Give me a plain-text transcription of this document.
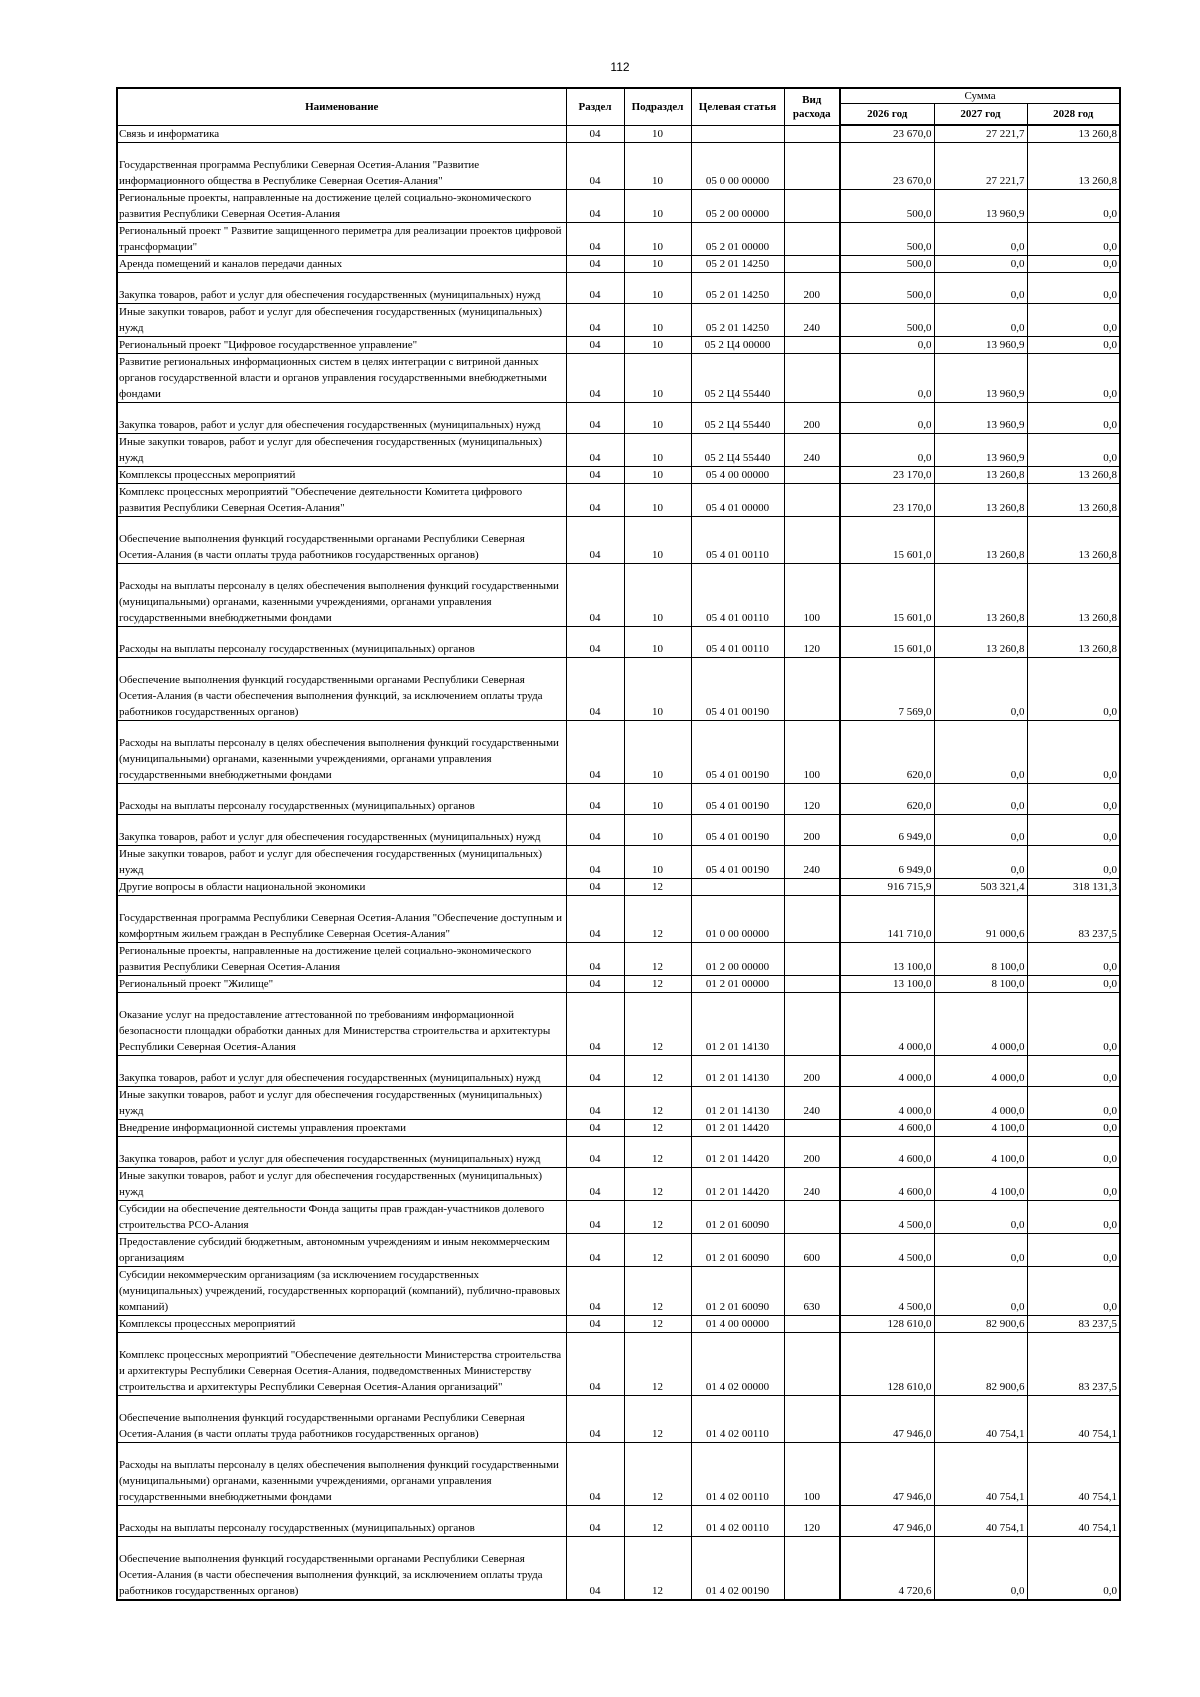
112
Наименование	Раздел	Подраздел	Целевая статья	Вид расхода	Сумма		
					2026 год	2027 год	2028 год
Связь и информатика	04	10			23 670,0	27 221,7	13 260,8
Государственная программа Республики Северная Осетия-Алания "Развитие информационного общества в Республике Северная Осетия-Алания"	04	10	05 0 00 00000		23 670,0	27 221,7	13 260,8
Региональные проекты, направленные на достижение целей социально-экономического развития Республики Северная Осетия-Алания	04	10	05 2 00 00000		500,0	13 960,9	0,0
Региональный проект " Развитие защищенного периметра для реализации проектов цифровой трансформации"	04	10	05 2 01 00000		500,0	0,0	0,0
Аренда помещений и каналов передачи данных	04	10	05 2 01 14250		500,0	0,0	0,0
Закупка товаров, работ и услуг для обеспечения государственных (муниципальных) нужд	04	10	05 2 01 14250	200	500,0	0,0	0,0
Иные закупки товаров, работ и услуг для обеспечения государственных (муниципальных) нужд	04	10	05 2 01 14250	240	500,0	0,0	0,0
Региональный проект "Цифровое государственное управление"	04	10	05 2 Ц4 00000		0,0	13 960,9	0,0
Развитие региональных информационных систем в целях интеграции с витриной данных органов государственной власти и органов управления государственными внебюджетными фондами	04	10	05 2 Ц4 55440		0,0	13 960,9	0,0
Закупка товаров, работ и услуг для обеспечения государственных (муниципальных) нужд	04	10	05 2 Ц4 55440	200	0,0	13 960,9	0,0
Иные закупки товаров, работ и услуг для обеспечения государственных (муниципальных) нужд	04	10	05 2 Ц4 55440	240	0,0	13 960,9	0,0
Комплексы процессных мероприятий	04	10	05 4 00 00000		23 170,0	13 260,8	13 260,8
Комплекс процессных мероприятий "Обеспечение деятельности Комитета цифрового развития Республики Северная Осетия-Алания"	04	10	05 4 01 00000		23 170,0	13 260,8	13 260,8
Обеспечение выполнения функций государственными органами Республики Северная Осетия-Алания (в части оплаты труда работников государственных органов)	04	10	05 4 01 00110		15 601,0	13 260,8	13 260,8
Расходы на выплаты персоналу в целях обеспечения выполнения функций государственными (муниципальными) органами, казенными учреждениями, органами управления государственными внебюджетными фондами	04	10	05 4 01 00110	100	15 601,0	13 260,8	13 260,8
Расходы на выплаты персоналу государственных (муниципальных) органов	04	10	05 4 01 00110	120	15 601,0	13 260,8	13 260,8
Обеспечение выполнения функций государственными органами Республики Северная Осетия-Алания (в части обеспечения выполнения функций, за исключением оплаты труда работников государственных органов)	04	10	05 4 01 00190		7 569,0	0,0	0,0
Расходы на выплаты персоналу в целях обеспечения выполнения функций государственными (муниципальными) органами, казенными учреждениями, органами управления государственными внебюджетными фондами	04	10	05 4 01 00190	100	620,0	0,0	0,0
Расходы на выплаты персоналу государственных (муниципальных) органов	04	10	05 4 01 00190	120	620,0	0,0	0,0
Закупка товаров, работ и услуг для обеспечения государственных (муниципальных) нужд	04	10	05 4 01 00190	200	6 949,0	0,0	0,0
Иные закупки товаров, работ и услуг для обеспечения государственных (муниципальных) нужд	04	10	05 4 01 00190	240	6 949,0	0,0	0,0
Другие вопросы в области национальной экономики	04	12			916 715,9	503 321,4	318 131,3
Государственная программа Республики Северная Осетия-Алания "Обеспечение доступным и комфортным жильем граждан в Республике Северная Осетия-Алания"	04	12	01 0 00 00000		141 710,0	91 000,6	83 237,5
Региональные проекты, направленные на достижение целей социально-экономического развития Республики Северная Осетия-Алания	04	12	01 2 00 00000		13 100,0	8 100,0	0,0
Региональный проект "Жилище"	04	12	01 2 01 00000		13 100,0	8 100,0	0,0
Оказание услуг на предоставление аттестованной по требованиям информационной безопасности площадки обработки данных для Министерства строительства и архитектуры Республики Северная Осетия-Алания	04	12	01 2 01 14130		4 000,0	4 000,0	0,0
Закупка товаров, работ и услуг для обеспечения государственных (муниципальных) нужд	04	12	01 2 01 14130	200	4 000,0	4 000,0	0,0
Иные закупки товаров, работ и услуг для обеспечения государственных (муниципальных) нужд	04	12	01 2 01 14130	240	4 000,0	4 000,0	0,0
Внедрение информационной системы управления проектами	04	12	01 2 01 14420		4 600,0	4 100,0	0,0
Закупка товаров, работ и услуг для обеспечения государственных (муниципальных) нужд	04	12	01 2 01 14420	200	4 600,0	4 100,0	0,0
Иные закупки товаров, работ и услуг для обеспечения государственных (муниципальных) нужд	04	12	01 2 01 14420	240	4 600,0	4 100,0	0,0
Субсидии на обеспечение деятельности Фонда защиты прав граждан-участников долевого строительства РСО-Алания	04	12	01 2 01 60090		4 500,0	0,0	0,0
Предоставление субсидий бюджетным, автономным учреждениям и иным некоммерческим организациям	04	12	01 2 01 60090	600	4 500,0	0,0	0,0
Субсидии некоммерческим организациям (за исключением государственных (муниципальных) учреждений, государственных корпораций (компаний), публично-правовых компаний)	04	12	01 2 01 60090	630	4 500,0	0,0	0,0
Комплексы процессных мероприятий	04	12	01 4 00 00000		128 610,0	82 900,6	83 237,5
Комплекс процессных мероприятий "Обеспечение деятельности Министерства строительства и архитектуры Республики Северная Осетия-Алания, подведомственных Министерству строительства и архитектуры Республики Северная Осетия-Алания организаций"	04	12	01 4 02 00000		128 610,0	82 900,6	83 237,5
Обеспечение выполнения функций государственными органами Республики Северная Осетия-Алания (в части оплаты труда работников государственных органов)	04	12	01 4 02 00110		47 946,0	40 754,1	40 754,1
Расходы на выплаты персоналу в целях обеспечения выполнения функций государственными (муниципальными) органами, казенными учреждениями, органами управления государственными внебюджетными фондами	04	12	01 4 02 00110	100	47 946,0	40 754,1	40 754,1
Расходы на выплаты персоналу государственных (муниципальных) органов	04	12	01 4 02 00110	120	47 946,0	40 754,1	40 754,1
Обеспечение выполнения функций государственными органами Республики Северная Осетия-Алания (в части обеспечения выполнения функций, за исключением оплаты труда работников государственных органов)	04	12	01 4 02 00190		4 720,6	0,0	0,0
